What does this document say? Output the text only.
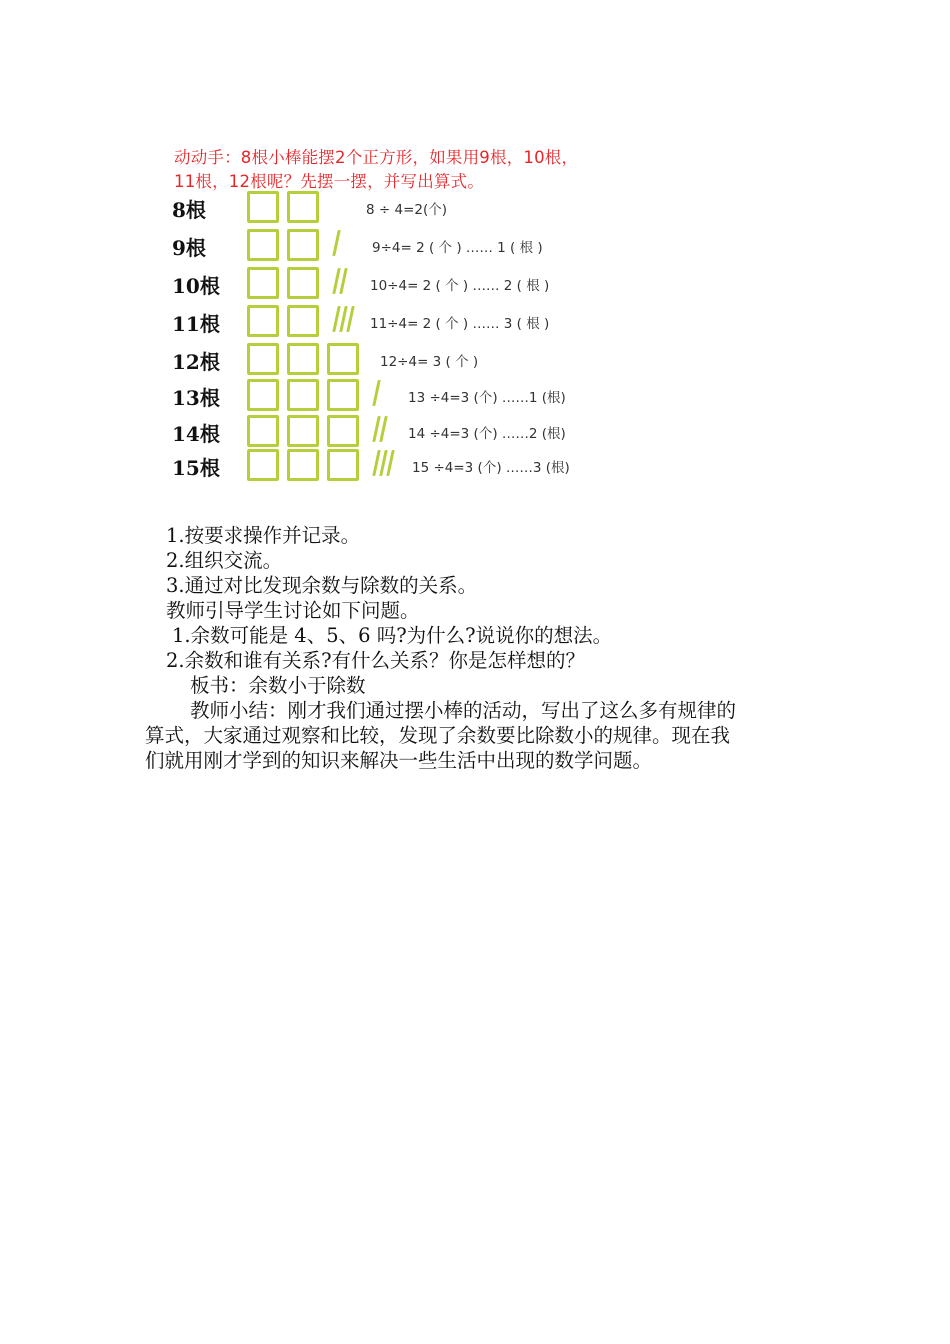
动动手：8根小棒能摆2个正方形，如果用9根，10根，
11根，12根呢？先摆一摆，并写出算式。
8根	8 ÷ 4=2(个)
9根	9÷4= 2 ( 个 ) …… 1 ( 根 )
10根	10÷4= 2 ( 个 ) …… 2 ( 根 )
11根	11÷4= 2 ( 个 ) …… 3 ( 根 )
12根	12÷4= 3 ( 个 )
13根	13 ÷4=3 (个) ……1 (根)
14根	14 ÷4=3 (个) ……2 (根)
15根	15 ÷4=3 (个) ……3 (根)
1.按要求操作并记录。
2.组织交流。
3.通过对比发现余数与除数的关系。
教师引导学生讨论如下问题。
1.余数可能是 4、5、6 吗?为什么?说说你的想法。
2.余数和谁有关系?有什么关系？你是怎样想的？
板书：余数小于除数
教师小结：刚才我们通过摆小棒的活动，写出了这么多有规律的
算式，大家通过观察和比较，发现了余数要比除数小的规律。现在我
们就用刚才学到的知识来解决一些生活中出现的数学问题。
